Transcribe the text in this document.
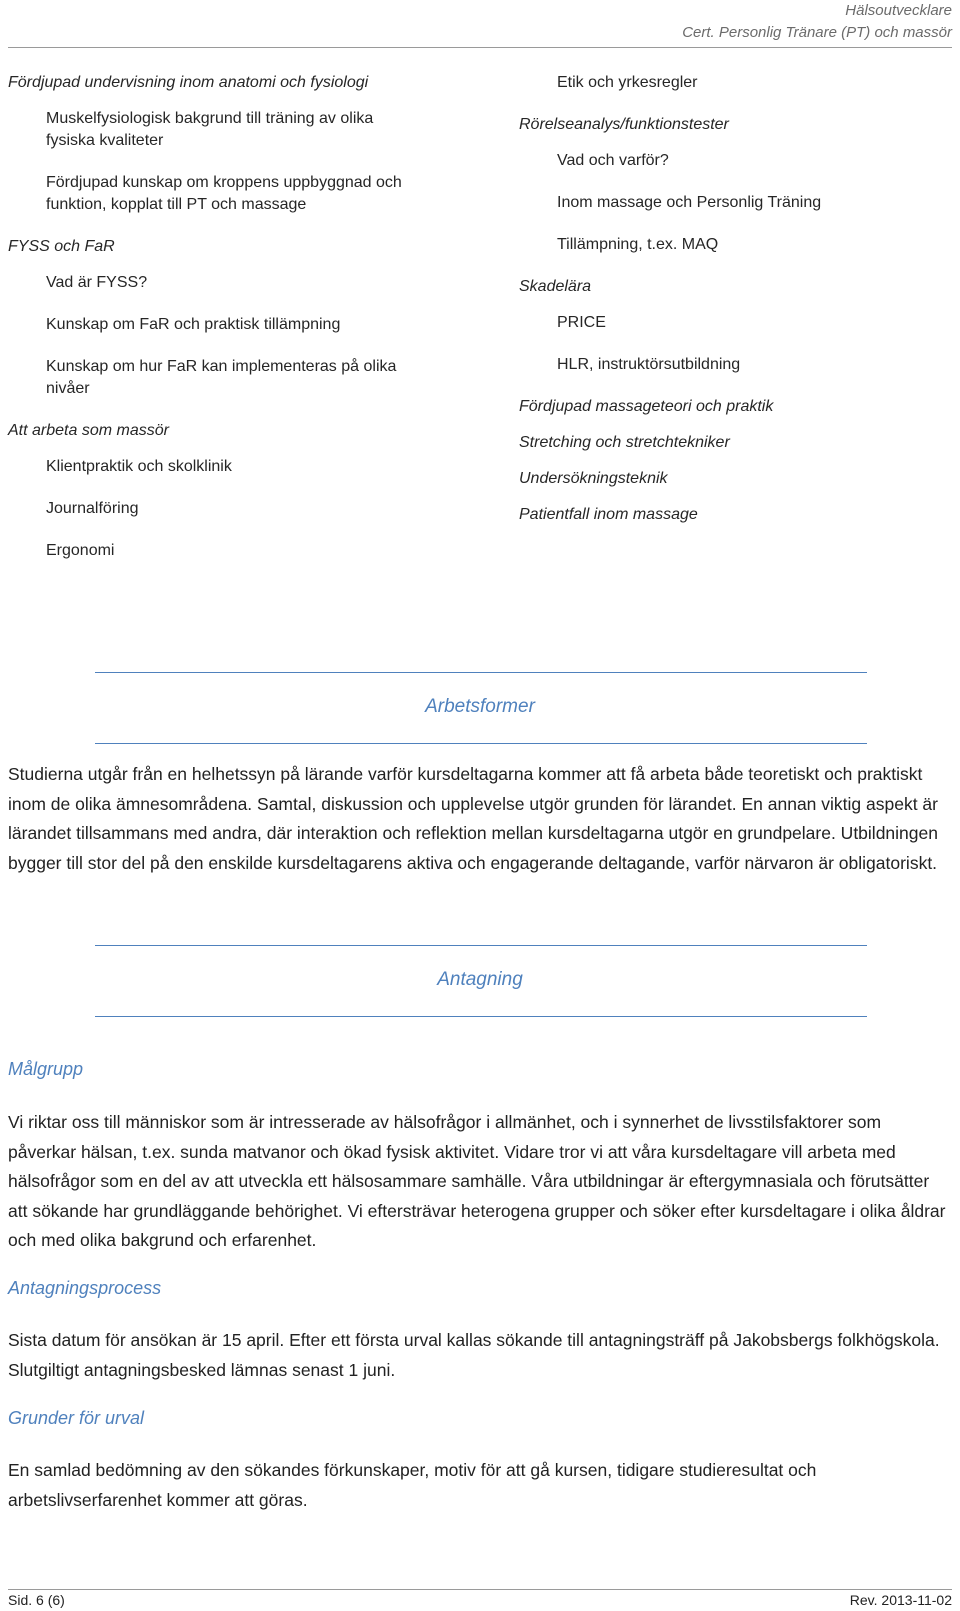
Hälsoutvecklare
Cert. Personlig Tränare (PT) och massör
Fördjupad undervisning inom anatomi och fysiologi
Muskelfysiologisk bakgrund till träning av olika fysiska kvaliteter
Fördjupad kunskap om kroppens uppbyggnad och funktion, kopplat till PT och massage
FYSS och FaR
Vad är FYSS?
Kunskap om FaR och praktisk tillämpning
Kunskap om hur FaR kan implementeras på olika nivåer
Att arbeta som massör
Klientpraktik och skolklinik
Journalföring
Ergonomi
Etik och yrkesregler
Rörelseanalys/funktionstester
Vad och varför?
Inom massage och Personlig Träning
Tillämpning, t.ex. MAQ
Skadelära
PRICE
HLR, instruktörsutbildning
Fördjupad massageteori och praktik
Stretching och stretchtekniker
Undersökningsteknik
Patientfall inom massage
Arbetsformer
Studierna utgår från en helhetssyn på lärande varför kursdeltagarna kommer att få arbeta både teoretiskt och praktiskt inom de olika ämnesområdena. Samtal, diskussion och upplevelse utgör grunden för lärandet. En annan viktig aspekt är lärandet tillsammans med andra, där interaktion och reflektion mellan kursdeltagarna utgör en grundpelare. Utbildningen bygger till stor del på den enskilde kursdeltagarens aktiva och engagerande deltagande, varför närvaron är obligatoriskt.
Antagning
Målgrupp
Vi riktar oss till människor som är intresserade av hälsofrågor i allmänhet, och i synnerhet de livsstilsfaktorer som påverkar hälsan, t.ex. sunda matvanor och ökad fysisk aktivitet. Vidare tror vi att våra kursdeltagare vill arbeta med hälsofrågor som en del av att utveckla ett hälsosammare samhälle. Våra utbildningar är eftergymnasiala och förutsätter att sökande har grundläggande behörighet. Vi eftersträvar heterogena grupper och söker efter kursdeltagare i olika åldrar och med olika bakgrund och erfarenhet.
Antagningsprocess
Sista datum för ansökan är 15 april. Efter ett första urval kallas sökande till antagningsträff på Jakobsbergs folkhögskola. Slutgiltigt antagningsbesked lämnas senast 1 juni.
Grunder för urval
En samlad bedömning av den sökandes förkunskaper, motiv för att gå kursen, tidigare studieresultat och arbetslivserfarenhet kommer att göras.
Sid. 6 (6)	Rev. 2013-11-02
